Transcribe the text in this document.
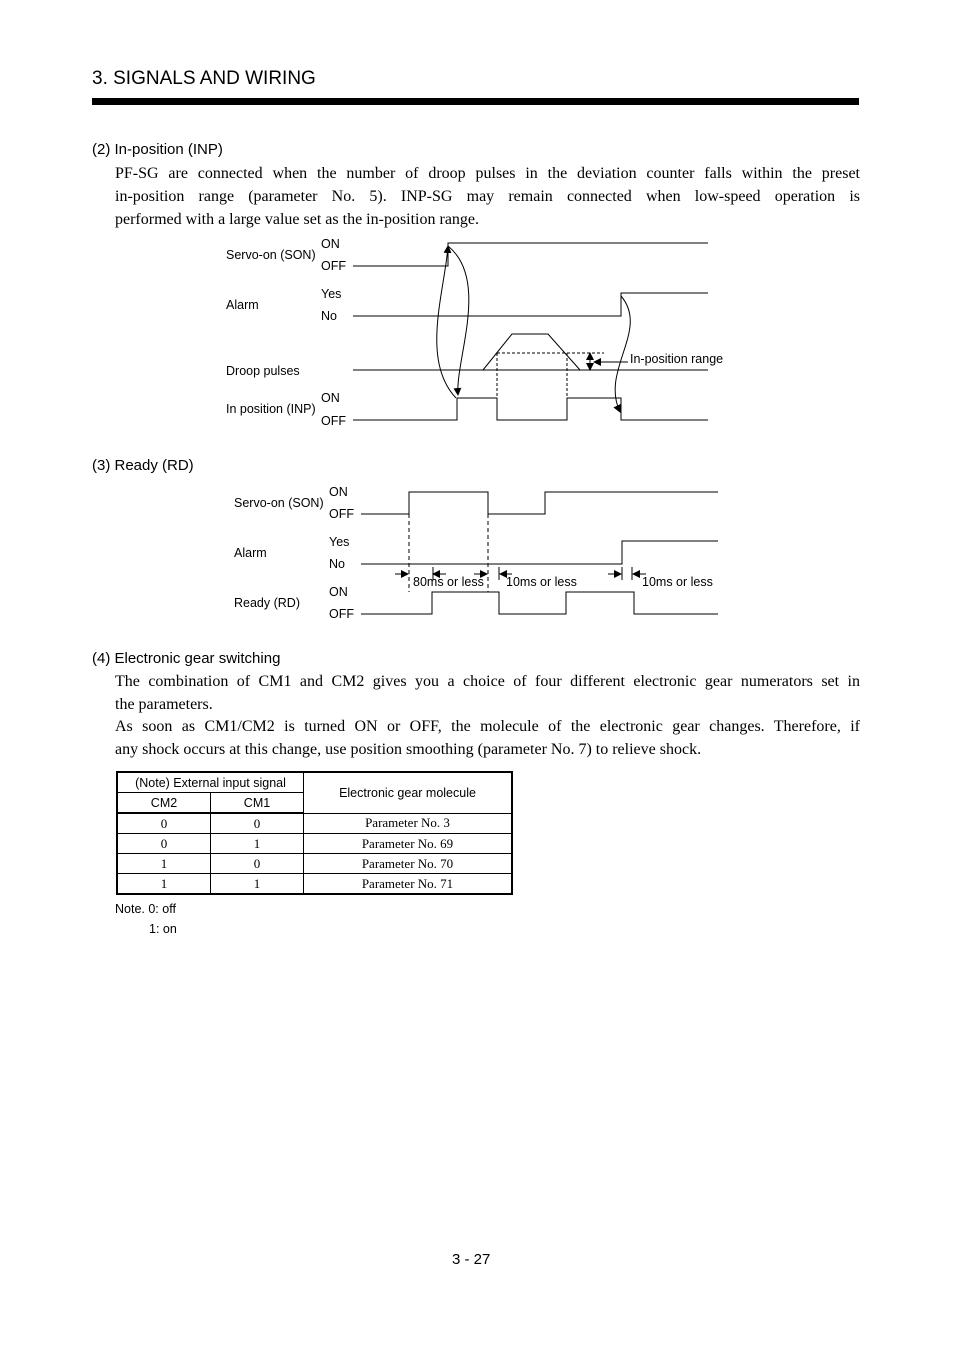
3. SIGNALS AND WIRING
(2) In-position (INP)
PF-SG are connected when the number of droop pulses in the deviation counter falls within the preset
in-position range (parameter No. 5). INP-SG may remain connected when low-speed operation is
performed with a large value set as the in-position range.
Servo-on (SON)
ON
OFF
Alarm
Yes
No
Droop pulses
In-position range
In position (INP)
ON
OFF
Servo-on (SON)
ON
OFF
Alarm
Yes
No
80ms or less 10ms or less	10ms or less
Ready (RD)
ON
OFF
(3) Ready (RD)
(4) Electronic gear switching
The combination of CM1 and CM2 gives you a choice of four different electronic gear numerators set in
the parameters.
As soon as CM1/CM2 is turned ON or OFF, the molecule of the electronic gear changes. Therefore, if
any shock occurs at this change, use position smoothing (parameter No. 7) to relieve shock.
(Note) External input signal		Electronic gear molecule
CM2	CM1	
0	0	Parameter No. 3
0	1	Parameter No. 69
1	0	Parameter No. 70
1	1	Parameter No. 71
Note. 0: off
1: on
3 - 27
